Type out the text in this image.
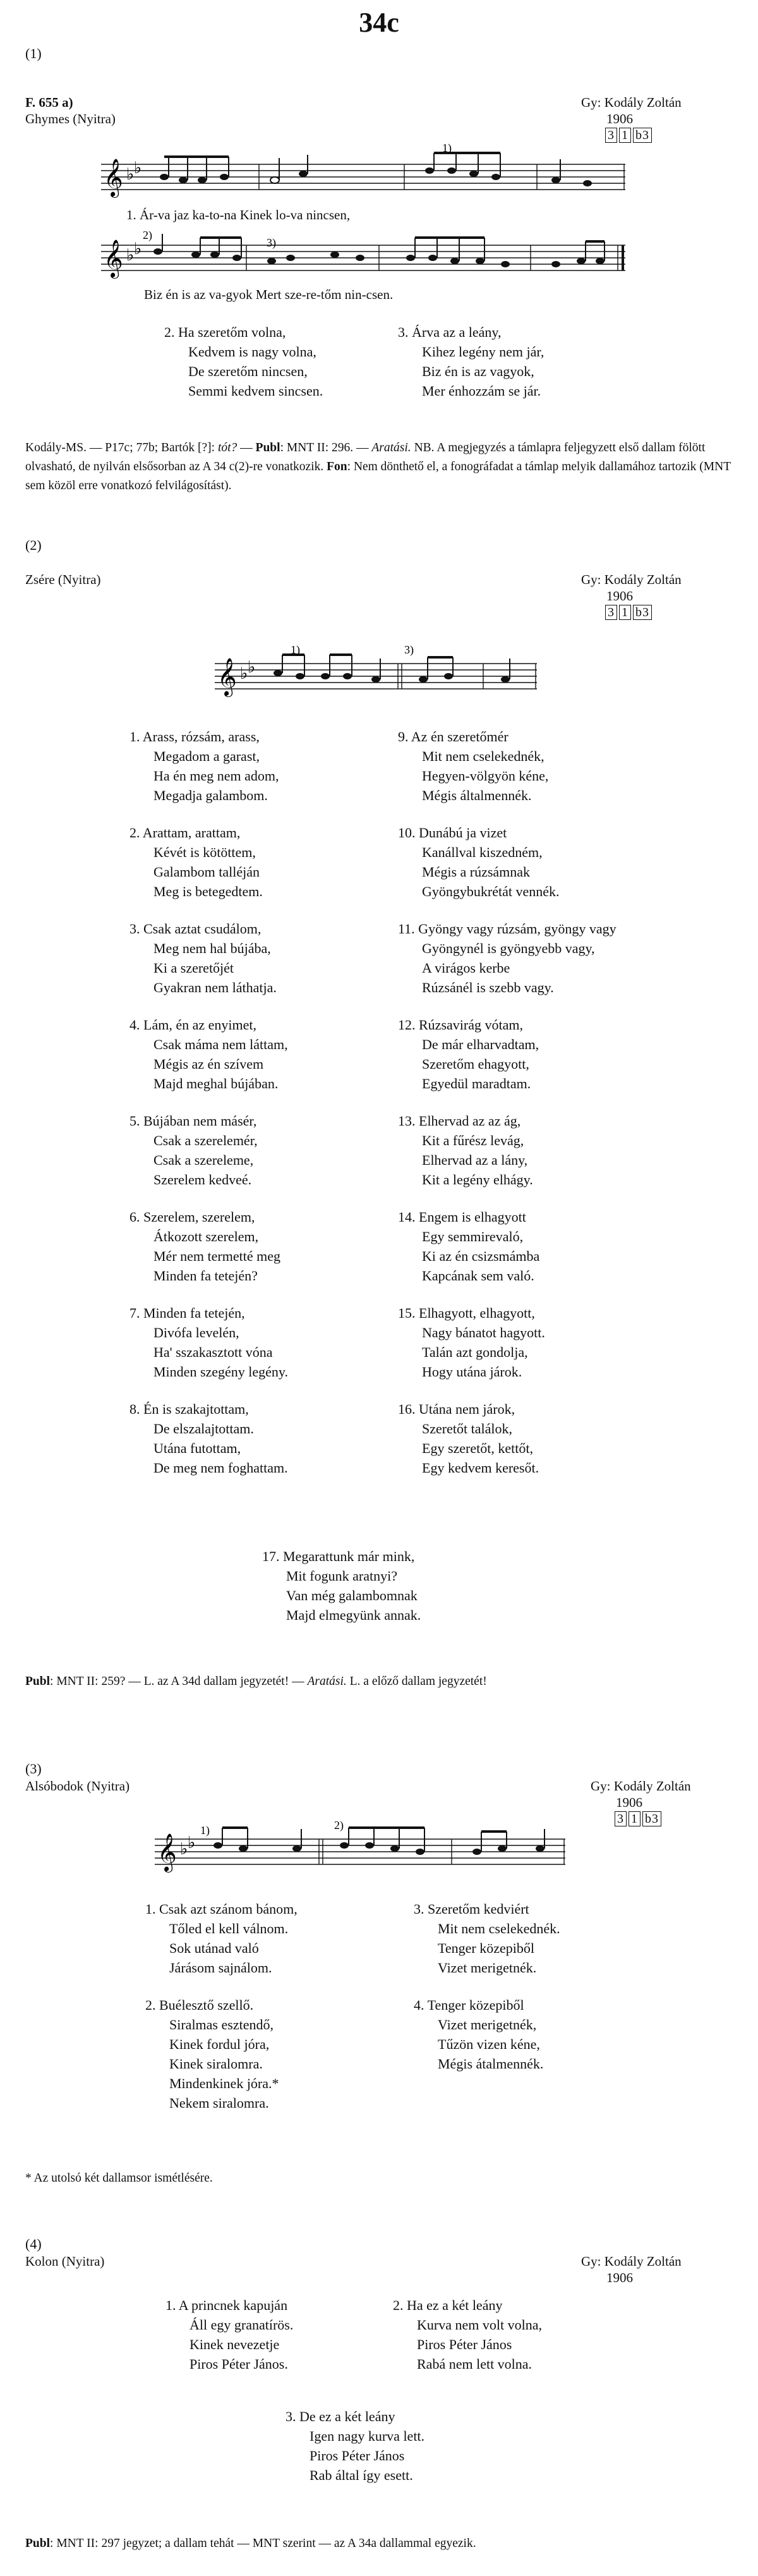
34c
(1)
F. 655 a)
Ghymes (Nyitra)
Gy: Kodály Zoltán
1906
3 1 b3
𝄞 ♭ ♭
1)
1. Ár-va jaz ka-to-na Kinek lo-va nincsen,
𝄞 ♭ ♭
2)
3)
Biz én is az va-gyok Mert sze-re-tőm nin-csen.
2. Ha szeretőm volna,
Kedvem is nagy volna,
De szeretőm nincsen,
Semmi kedvem sincsen.
3. Árva az a leány,
Kihez legény nem jár,
Biz én is az vagyok,
Mer énhozzám se jár.
Kodály-MS. — P17c; 77b; Bartók [?]: tót? — Publ: MNT II: 296. — Aratási. NB. A megjegyzés a támlapra feljegyzett első dallam fölött olvasható, de nyilván elsősorban az A 34 c(2)-re vonatkozik. Fon: Nem dönthető el, a fonográfadat a támlap melyik dallamához tartozik (MNT sem közöl erre vonatkozó felvilágosítást).
(2)
Zsére (Nyitra)	Gy: Kodály Zoltán
1906
3 1 b3
𝄞 ♭ ♭
1)	3)
1. Arass, rózsám, arass,
Megadom a garast,
Ha én meg nem adom,
Megadja galambom.
2. Arattam, arattam,
Kévét is kötöttem,
Galambom talléján
Meg is betegedtem.
3. Csak aztat csudálom,
Meg nem hal bújába,
Ki a szeretőjét
Gyakran nem láthatja.
4. Lám, én az enyimet,
Csak máma nem láttam,
Mégis az én szívem
Majd meghal bújában.
5. Bújában nem másér,
Csak a szerelemér,
Csak a szereleme,
Szerelem kedveé.
6. Szerelem, szerelem,
Átkozott szerelem,
Mér nem termetté meg
Minden fa tetején?
7. Minden fa tetején,
Divófa levelén,
Ha' sszakasztott vóna
Minden szegény legény.
8. Én is szakajtottam,
De elszalajtottam.
Utána futottam,
De meg nem foghattam.
9. Az én szeretőmér
Mit nem cselekednék,
Hegyen-völgyön kéne,
Mégis általmennék.
10. Dunábú ja vizet
Kanállval kiszedném,
Mégis a rúzsámnak
Gyöngybukrétát vennék.
11. Gyöngy vagy rúzsám, gyöngy vagy
Gyöngynél is gyöngyebb vagy,
A virágos kerbe
Rúzsánél is szebb vagy.
12. Rúzsavirág vótam,
De már elharvadtam,
Szeretőm ehagyott,
Egyedül maradtam.
13. Elhervad az az ág,
Kit a fűrész levág,
Elhervad az a lány,
Kit a legény elhágy.
14. Engem is elhagyott
Egy semmirevaló,
Ki az én csizsmámba
Kapcának sem való.
15. Elhagyott, elhagyott,
Nagy bánatot hagyott.
Talán azt gondolja,
Hogy utána járok.
16. Utána nem járok,
Szeretőt találok,
Egy szeretőt, kettőt,
Egy kedvem keresőt.
17. Megarattunk már mink,
Mit fogunk aratnyi?
Van még galambomnak
Majd elmegyünk annak.
Publ: MNT II: 259? — L. az A 34d dallam jegyzetét! — Aratási. L. a előző dallam jegyzetét!
(3)
Alsóbodok (Nyitra)	Gy: Kodály Zoltán
1906
3 1 b3
𝄞 ♭ ♭
1)	2)
1. Csak azt szánom bánom,
Tőled el kell válnom.
Sok utánad való
Járásom sajnálom.
2. Buélesztő szellő.
Siralmas esztendő,
Kinek fordul jóra,
Kinek siralomra.
Mindenkinek jóra.*
Nekem siralomra.
3. Szeretőm kedviért
Mit nem cselekednék.
Tenger közepiből
Vizet merigetnék.
4. Tenger közepiből
Vizet merigetnék,
Tűzön vizen kéne,
Mégis átalmennék.
* Az utolsó két dallamsor ismétlésére.
(4)
Kolon (Nyitra)	Gy: Kodály Zoltán
1906
1. A princnek kapuján
Áll egy granatírös.
Kinek nevezetje
Piros Péter János.
2. Ha ez a két leány
Kurva nem volt volna,
Piros Péter János
Rabá nem lett volna.
3. De ez a két leány
Igen nagy kurva lett.
Piros Péter János
Rab által így esett.
Publ: MNT II: 297 jegyzet; a dallam tehát — MNT szerint — az A 34a dallammal egyezik.
